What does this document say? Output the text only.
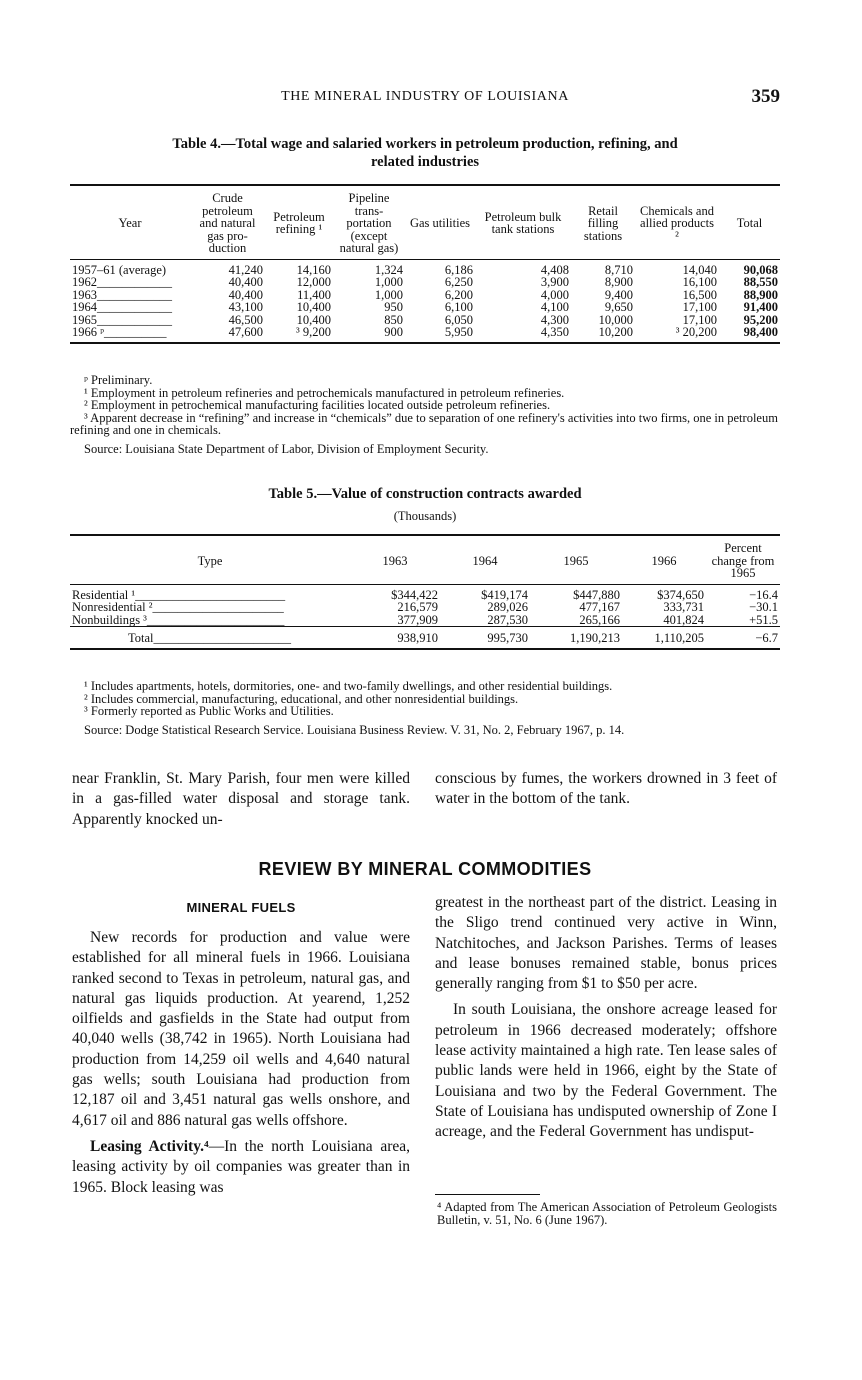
THE MINERAL INDUSTRY OF LOUISIANA	359
Table 4.—Total wage and salaried workers in petroleum production, refining, and
related industries
Year	Crude petroleum and natural gas pro- duction	Petroleum refining ¹	Pipeline trans- portation (except natural gas)	Gas utilities	Petroleum bulk tank stations	Retail filling stations	Chemicals and allied products ²	Total
1957–61 (average)	41,240	14,160	1,324	6,186	4,408	8,710	14,040	90,068
1962____________	40,400	12,000	1,000	6,250	3,900	8,900	16,100	88,550
1963____________	40,400	11,400	1,000	6,200	4,000	9,400	16,500	88,900
1964____________	43,100	10,400	950	6,100	4,100	9,650	17,100	91,400
1965____________	46,500	10,400	850	6,050	4,300	10,000	17,100	95,200
1966 ᵖ__________	47,600	³ 9,200	900	5,950	4,350	10,200	³ 20,200	98,400

ᵖ Preliminary.

¹ Employment in petroleum refineries and petrochemicals manufactured in petroleum refineries.

² Employment in petrochemical manufacturing facilities located outside petroleum refineries.

³ Apparent decrease in “refining” and increase in “chemicals” due to separation of one refinery's activities into two firms, one in petroleum refining and one in chemicals.

Source: Louisiana State Department of Labor, Division of Employment Security.

Table 5.—Value of construction contracts awarded
(Thousands)
Type	1963	1964	1965	1966	Percent change from 1965
Residential ¹________________________	$344,422	$419,174	$447,880	$374,650	−16.4
Nonresidential ²_____________________	216,579	289,026	477,167	333,731	−30.1
Nonbuildings ³______________________	377,909	287,530	265,166	401,824	+51.5
Total______________________	938,910	995,730	1,190,213	1,110,205	−6.7

¹ Includes apartments, hotels, dormitories, one- and two-family dwellings, and other residential buildings.

² Includes commercial, manufacturing, educational, and other nonresidential buildings.

³ Formerly reported as Public Works and Utilities.

Source: Dodge Statistical Research Service. Louisiana Business Review. V. 31, No. 2, February 1967, p. 14.

near Franklin, St. Mary Parish, four men were killed in a gas-filled water disposal and storage tank. Apparently knocked un-

conscious by fumes, the workers drowned in 3 feet of water in the bottom of the tank.

REVIEW BY MINERAL COMMODITIES
MINERAL FUELS

New records for production and value were established for all mineral fuels in 1966. Louisiana ranked second to Texas in petroleum, natural gas, and natural gas liquids production. At yearend, 1,252 oilfields and gasfields in the State had output from 40,040 wells (38,742 in 1965). North Louisiana had production from 14,259 oil wells and 4,640 natural gas wells; south Louisiana had production from 12,187 oil and 3,451 natural gas wells onshore, and 4,617 oil and 886 natural gas wells offshore.

Leasing Activity.⁴—In the north Louisiana area, leasing activity by oil companies was greater than in 1965. Block leasing was

greatest in the northeast part of the district. Leasing in the Sligo trend continued very active in Winn, Natchitoches, and Jackson Parishes. Terms of leases and lease bonuses remained stable, bonus prices generally ranging from $1 to $50 per acre.

In south Louisiana, the onshore acreage leased for petroleum in 1966 decreased moderately; offshore lease activity maintained a high rate. Ten lease sales of public lands were held in 1966, eight by the State of Louisiana and two by the Federal Government. The State of Louisiana has undisputed ownership of Zone I acreage, and the Federal Government has undisput-

⁴ Adapted from The American Association of Petroleum Geologists Bulletin, v. 51, No. 6 (June 1967).
